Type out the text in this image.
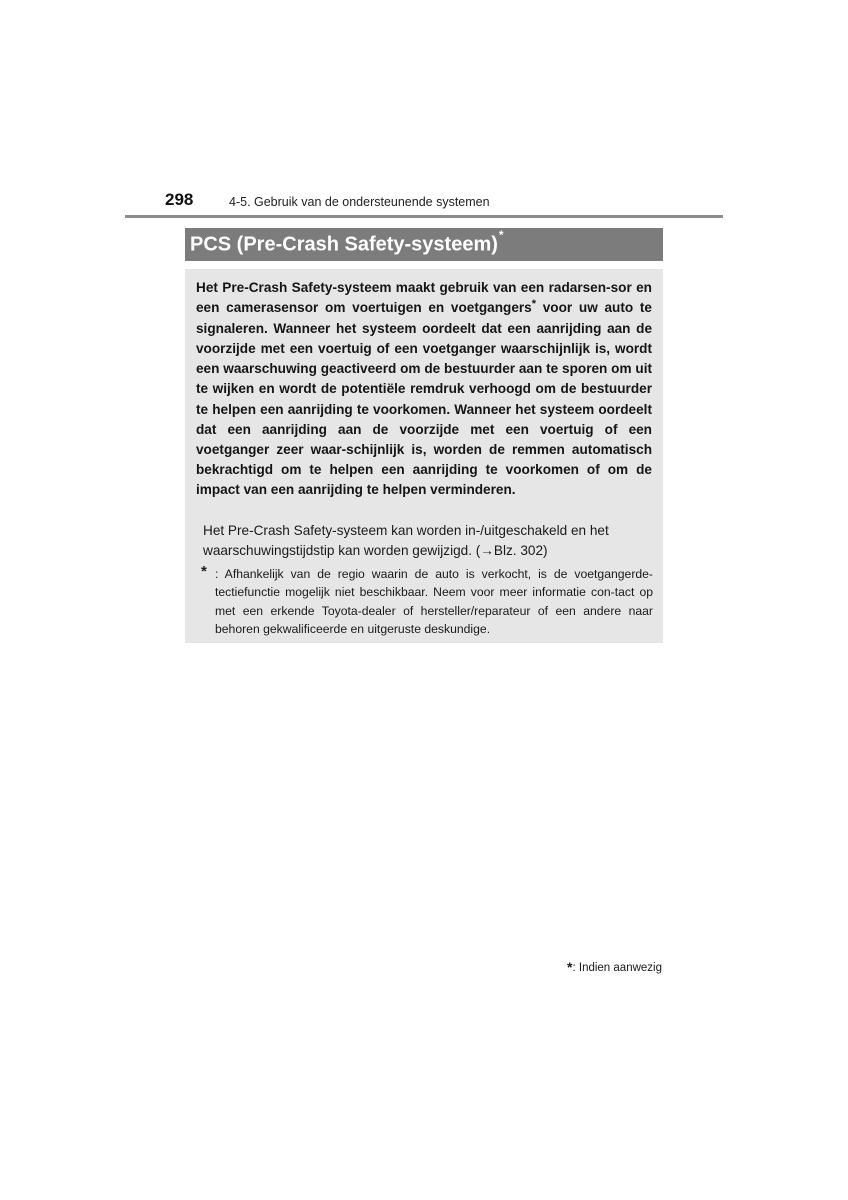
298	4-5. Gebruik van de ondersteunende systemen
PCS (Pre-Crash Safety-systeem)*

Het Pre-Crash Safety-systeem maakt gebruik van een radarsen-sor en een camerasensor om voertuigen en voetgangers* voor uw auto te signaleren. Wanneer het systeem oordeelt dat een aanrijding aan de voorzijde met een voertuig of een voetganger waarschijnlijk is, wordt een waarschuwing geactiveerd om de bestuurder aan te sporen om uit te wijken en wordt de potentiële remdruk verhoogd om de bestuurder te helpen een aanrijding te voorkomen. Wanneer het systeem oordeelt dat een aanrijding aan de voorzijde met een voertuig of een voetganger zeer waar-schijnlijk is, worden de remmen automatisch bekrachtigd om te helpen een aanrijding te voorkomen of om de impact van een aanrijding te helpen verminderen.

Het Pre-Crash Safety-systeem kan worden in-/uitgeschakeld en het waarschuwingstijdstip kan worden gewijzigd. (→Blz. 302)

* : Afhankelijk van de regio waarin de auto is verkocht, is de voetgangerde-tectiefunctie mogelijk niet beschikbaar. Neem voor meer informatie con-tact op met een erkende Toyota-dealer of hersteller/reparateur of een andere naar behoren gekwalificeerde en uitgeruste deskundige.

*: Indien aanwezig
